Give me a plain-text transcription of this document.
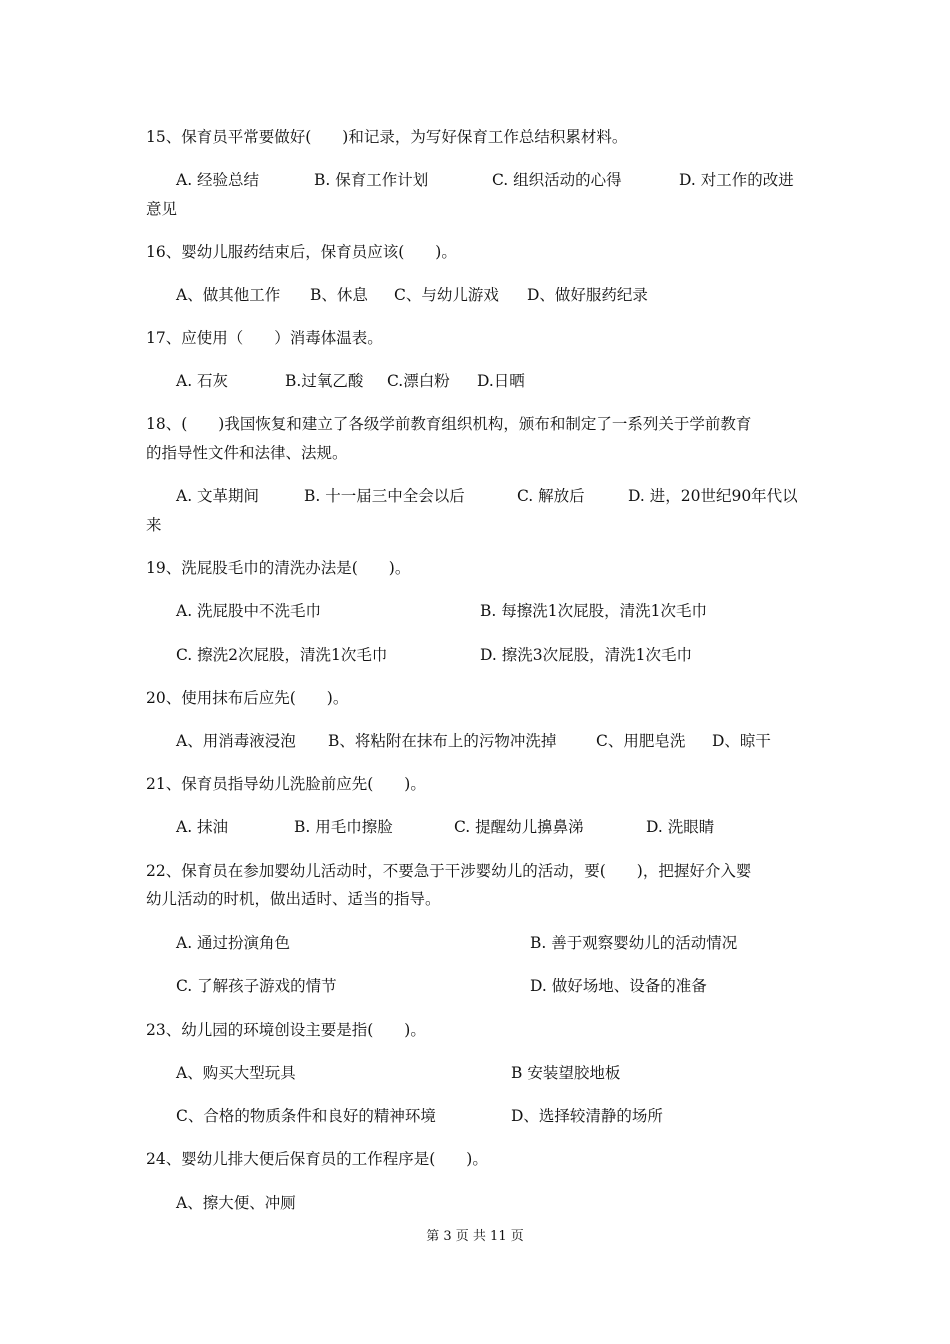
15、保育员平常要做好(　　)和记录，为写好保育工作总结积累材料。
A. 经验总结	B. 保育工作计划	C. 组织活动的心得	D. 对工作的改进
意见
16、婴幼儿服药结束后，保育员应该(　　)。
A、做其他工作 B、休息 C、与幼儿游戏 D、做好服药纪录
17、应使用（　　）消毒体温表。
A. 石灰	B.过氧乙酸 C.漂白粉 D.日晒
18、(　　)我国恢复和建立了各级学前教育组织机构，颁布和制定了一系列关于学前教育
的指导性文件和法律、法规。
A. 文革期间	B. 十一届三中全会以后	C. 解放后	D. 进，20世纪90年代以
来
19、洗屁股毛巾的清洗办法是(　　)。
A. 洗屁股中不洗毛巾	B. 每擦洗1次屁股，清洗1次毛巾
C. 擦洗2次屁股，清洗1次毛巾	D. 擦洗3次屁股，清洗1次毛巾
20、使用抹布后应先(　　)。
A、用消毒液浸泡 B、将粘附在抹布上的污物冲洗掉	C、用肥皂洗 D、晾干
21、保育员指导幼儿洗脸前应先(　　)。
A. 抹油	B. 用毛巾擦脸	C. 提醒幼儿擤鼻涕	D. 洗眼睛
22、保育员在参加婴幼儿活动时，不要急于干涉婴幼儿的活动，要(　　)，把握好介入婴
幼儿活动的时机，做出适时、适当的指导。
A. 通过扮演角色	B. 善于观察婴幼儿的活动情况
C. 了解孩子游戏的情节	D. 做好场地、设备的准备
23、幼儿园的环境创设主要是指(　　)。
A、购买大型玩具	B 安装望胶地板
C、合格的物质条件和良好的精神环境	D、选择较清静的场所
24、婴幼儿排大便后保育员的工作程序是(　　)。
A、擦大便、冲厕
第 3 页 共 11 页
